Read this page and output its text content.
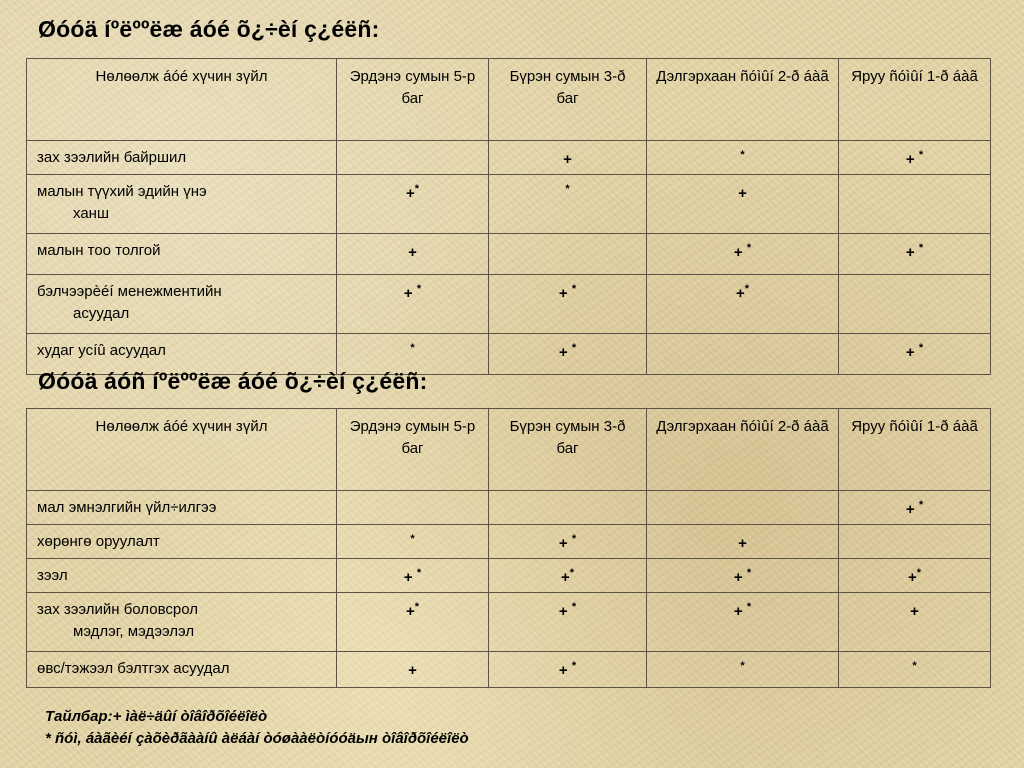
Øóóä íºëººëæ áóé õ¿÷èí ç¿éëñ:
Нөлөөлж áóé хүчин зүйл	Эрдэнэ сумын 5-р баг	Бүрэн сумын 3-ð баг	Дэлгэрхаан ñóìûí 2-ð áàã	Яруу ñóìûí 1-ð áàã
зах зээлийн байршил		+	*	+ *
малын түүхий эдийн үнэ
ханш	+*	*	+	
малын тоо толгой	+		+ *	+ *
бэлчээрèéí менежментийн
асуудал	+ *	+ *	+*	
худаг усíû асуудал	*	+ *		+ *
Øóóä áóñ íºëººëæ áóé õ¿÷èí ç¿éëñ:
Нөлөөлж áóé хүчин зүйл	Эрдэнэ сумын 5-р баг	Бүрэн сумын 3-ð баг	Дэлгэрхаан ñóìûí 2-ð áàã	Яруу ñóìûí 1-ð áàã
мал эмнэлгийн үйл÷илгээ				+ *
хөрөнгө оруулалт	*	+ *	+	
зээл	+ *	+*	+ *	+*
зах зээлийн боловсрол
мэдлэг, мэдээлэл	+*	+ *	+ *	+
өвс/тэжээл бэлтгэх асуудал	+	+ *	*	*
Тайлбар:+ ìàë÷äûí òîâîðõîéëîëò
* ñóì, áàãèéí çàõèðãààíû àëáàí òóøààëòíóóäын òîâîðõîéëîëò
